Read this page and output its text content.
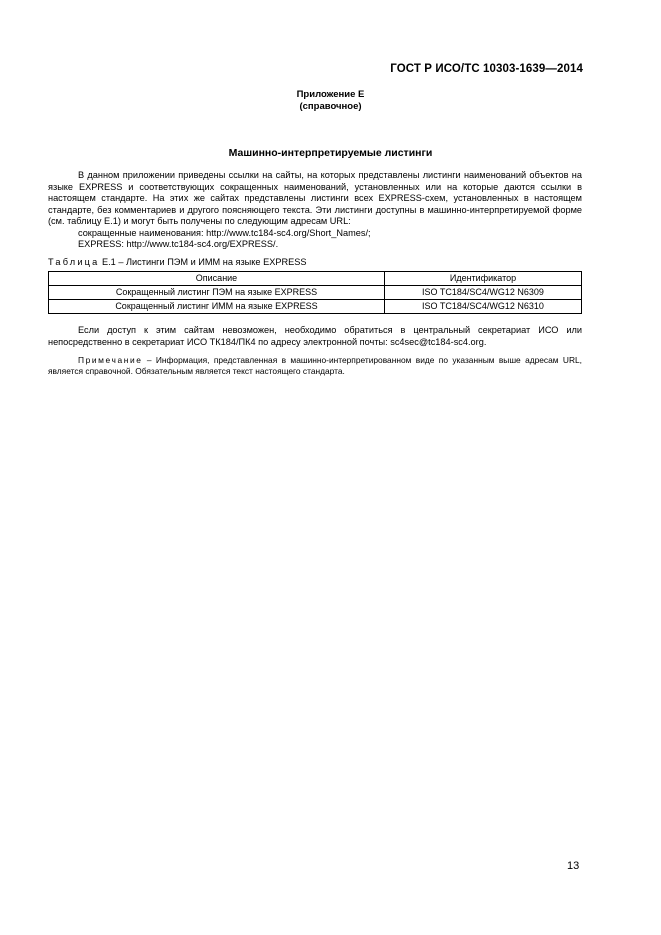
ГОСТ Р ИСО/ТС 10303-1639—2014
Приложение Е
(справочное)
Машинно-интерпретируемые листинги
В данном приложении приведены ссылки на сайты, на которых представлены листинги наименований объектов на языке EXPRESS и соответствующих сокращенных наименований, установленных или на которые даются ссылки в настоящем стандарте. На этих же сайтах представлены листинги всех EXPRESS-схем, установленных в настоящем стандарте, без комментариев и другого поясняющего текста. Эти листинги доступны в машинно-интерпретируемой форме (см. таблицу Е.1) и могут быть получены по следующим адресам URL:
сокращенные наименования: http://www.tc184-sc4.org/Short_Names/;
EXPRESS: http://www.tc184-sc4.org/EXPRESS/.
Таблица Е.1 – Листинги ПЭМ и ИММ на языке EXPRESS
Описание	Идентификатор
Сокращенный листинг ПЭМ на языке EXPRESS	ISO TC184/SC4/WG12 N6309
Сокращенный листинг ИММ на языке EXPRESS	ISO TC184/SC4/WG12 N6310
Если доступ к этим сайтам невозможен, необходимо обратиться в центральный секретариат ИСО или непосредственно в секретариат ИСО ТК184/ПК4 по адресу электронной почты: sc4sec@tc184-sc4.org.
Примечание – Информация, представленная в машинно-интерпретированном виде по указанным выше адресам URL, является справочной. Обязательным является текст настоящего стандарта.
13
